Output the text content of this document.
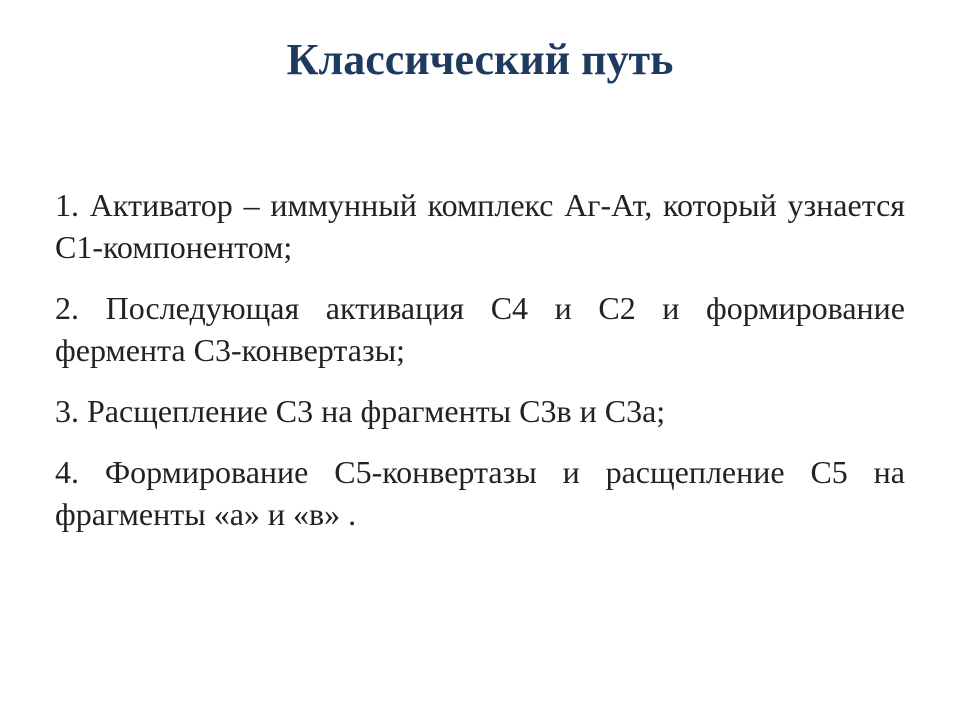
Классический путь

1. Активатор – иммунный комплекс Аг-Ат, который узнается С1-компонентом;

2. Последующая активация С4 и С2 и формирование фермента С3-конвертазы;

3. Расщепление С3 на фрагменты С3в и С3а;

4. Формирование С5-конвертазы и расщепление С5 на фрагменты «а» и «в» .
